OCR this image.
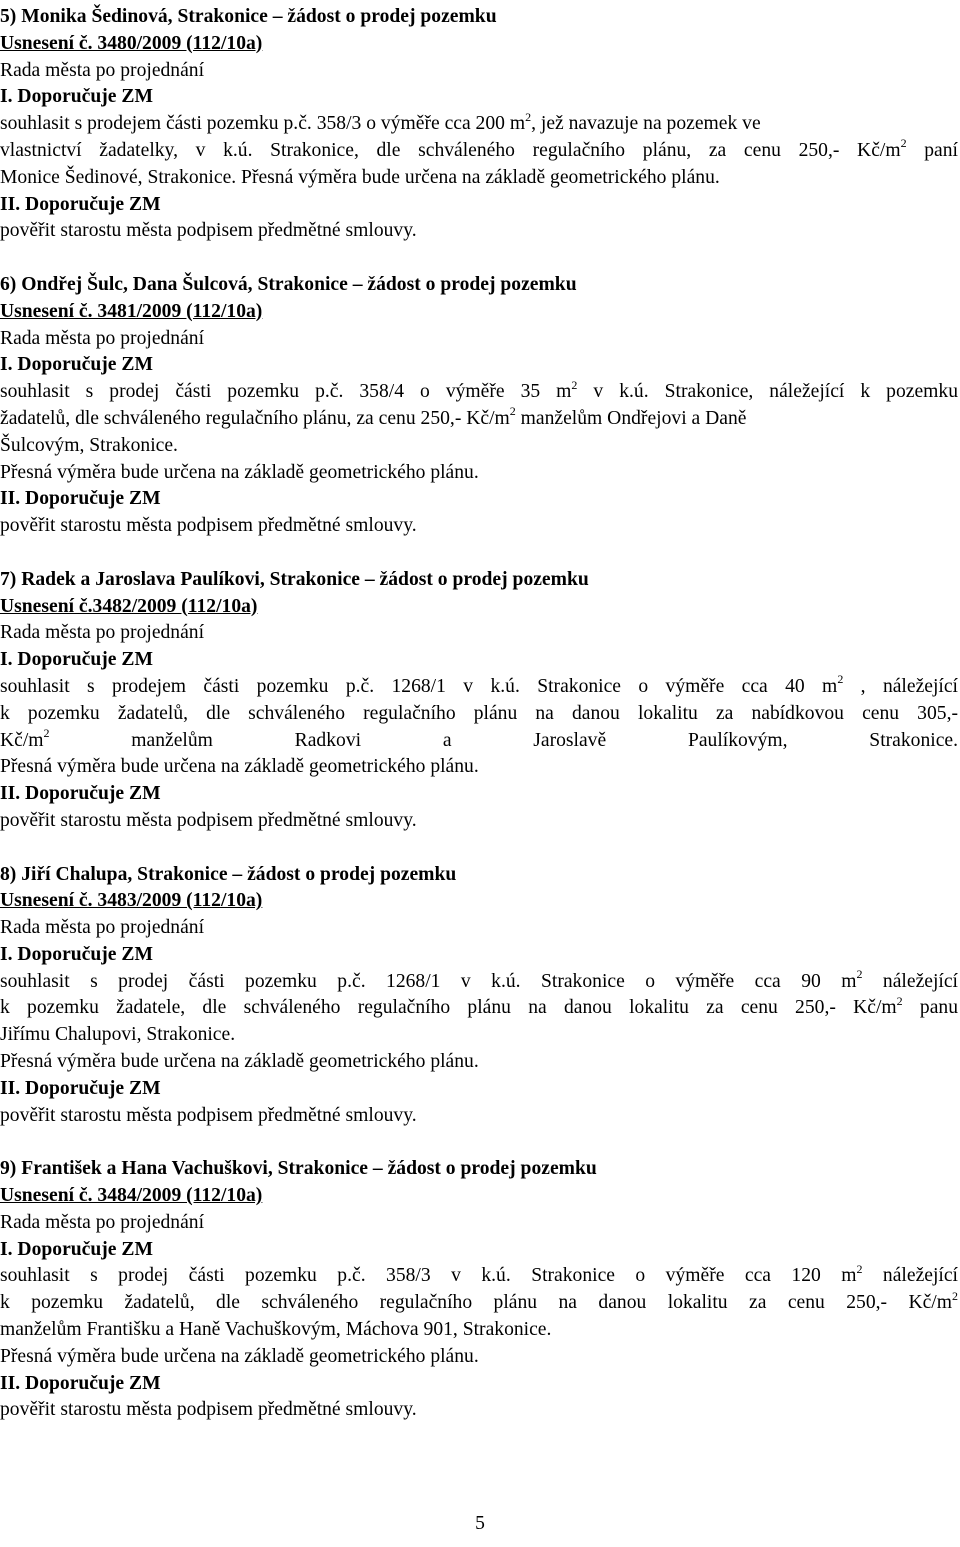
5) Monika Šedinová, Strakonice – žádost o prodej pozemku
Usnesení č. 3480/2009 (112/10a)
Rada města po projednání
I. Doporučuje ZM
souhlasit s prodejem části pozemku p.č. 358/3 o výměře cca 200 $m^2$, jež navazuje na pozemek ve
vlastnictví žadatelky, v k.ú. Strakonice, dle schváleného regulačního plánu, za cenu 250,- $Kč/m^2$ paní
Monice Šedinové, Strakonice. Přesná výměra bude určena na základě geometrického plánu.
II. Doporučuje ZM
pověřit starostu města podpisem předmětné smlouvy.
6) Ondřej Šulc, Dana Šulcová, Strakonice – žádost o prodej pozemku
Usnesení č. 3481/2009 (112/10a)
Rada města po projednání
I. Doporučuje ZM
souhlasit s prodej části pozemku p.č. 358/4 o výměře 35 $m^2$ v k.ú. Strakonice, náležející k pozemku
žadatelů, dle schváleného regulačního plánu, za cenu 250,- $Kč/m^2$ manželům Ondřejovi a Daně
Šulcovým, Strakonice.
Přesná výměra bude určena na základě geometrického plánu.
II. Doporučuje ZM
pověřit starostu města podpisem předmětné smlouvy.
7) Radek a Jaroslava Paulíkovi, Strakonice – žádost o prodej pozemku
Usnesení č.3482/2009 (112/10a)
Rada města po projednání
I. Doporučuje ZM
souhlasit s prodejem části pozemku p.č. 1268/1 v k.ú. Strakonice o výměře cca 40 $m^2$ , náležející
k pozemku žadatelů, dle schváleného regulačního plánu na danou lokalitu za nabídkovou cenu 305,-
$Kč/m^2$ manželům Radkovi a Jaroslavě Paulíkovým, Strakonice.
Přesná výměra bude určena na základě geometrického plánu.
II. Doporučuje ZM
pověřit starostu města podpisem předmětné smlouvy.
8) Jiří Chalupa, Strakonice – žádost o prodej pozemku
Usnesení č. 3483/2009 (112/10a)
Rada města po projednání
I. Doporučuje ZM
souhlasit s prodej části pozemku p.č. 1268/1 v k.ú. Strakonice o výměře cca 90 $m^2$ náležející
k pozemku žadatele, dle schváleného regulačního plánu na danou lokalitu za cenu 250,- $Kč/m^2$ panu
Jiřímu Chalupovi, Strakonice.
Přesná výměra bude určena na základě geometrického plánu.
II. Doporučuje ZM
pověřit starostu města podpisem předmětné smlouvy.
9) František a Hana Vachuškovi, Strakonice – žádost o prodej pozemku
Usnesení č. 3484/2009 (112/10a)
Rada města po projednání
I. Doporučuje ZM
souhlasit s prodej části pozemku p.č. 358/3 v k.ú. Strakonice o výměře cca 120 $m^2$ náležející
k pozemku žadatelů, dle schváleného regulačního plánu na danou lokalitu za cenu 250,- $Kč/m^2$
manželům Františku a Haně Vachuškovým, Máchova 901, Strakonice.
Přesná výměra bude určena na základě geometrického plánu.
II. Doporučuje ZM
pověřit starostu města podpisem předmětné smlouvy.
5
